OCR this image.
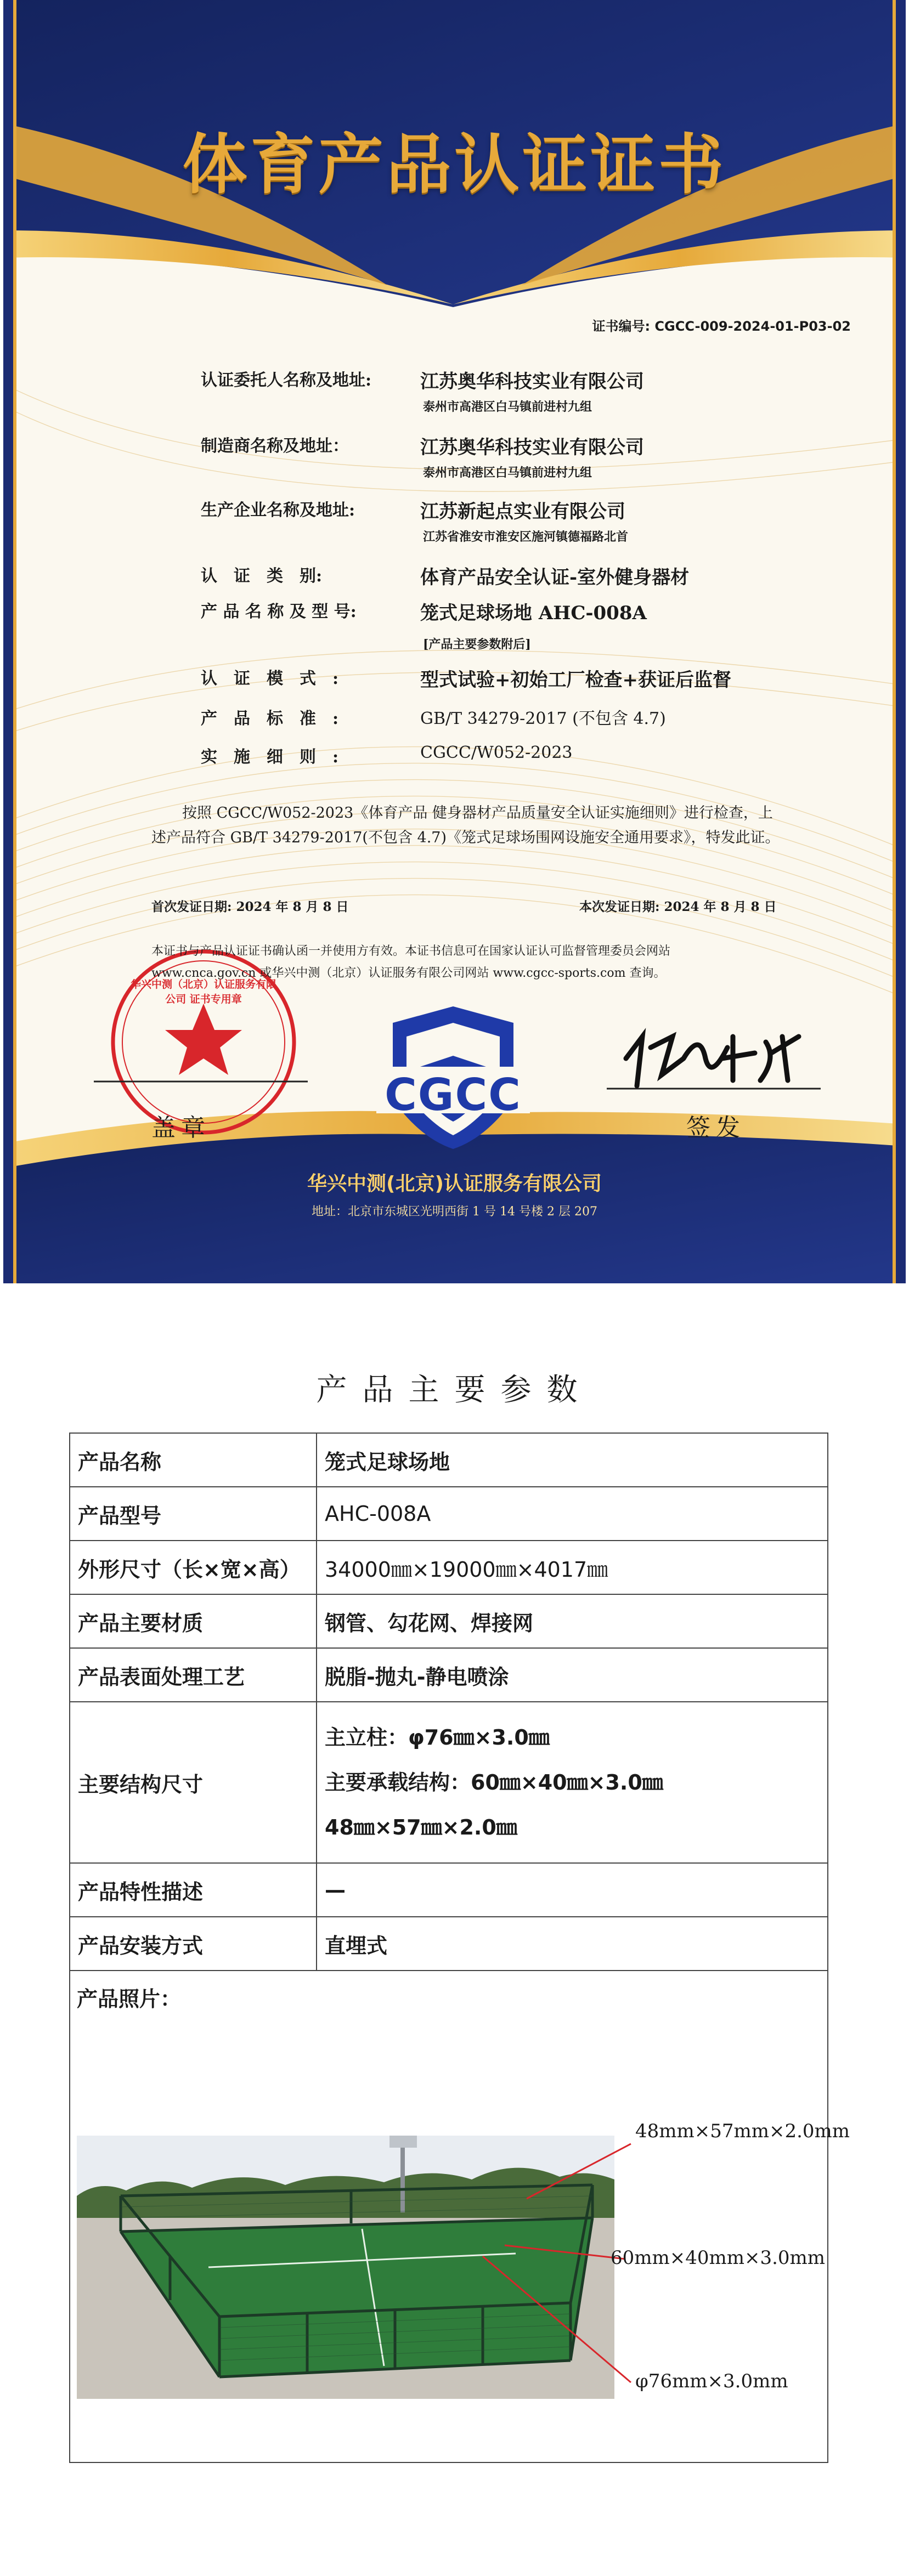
体育产品认证证书
证书编号: CGCC-009-2024-01-P03-02
认证委托人名称及地址:	江苏奥华科技实业有限公司
泰州市高港区白马镇前进村九组
制造商名称及地址：	江苏奥华科技实业有限公司
泰州市高港区白马镇前进村九组
生产企业名称及地址:	江苏新起点实业有限公司
江苏省淮安市淮安区施河镇德福路北首
认　证　类　别:	体育产品安全认证-室外健身器材
产 品 名 称 及 型 号:	笼式足球场地 AHC-008A
[产品主要参数附后]
认　证　模　式　:	型式试验+初始工厂检查+获证后监督
产　品　标　准　:	GB/T 34279-2017 (不包含 4.7)
实　施　细　则　:	CGCC/W052-2023
按照 CGCC/W052-2023《体育产品 健身器材产品质量安全认证实施细则》进行检查，上述产品符合 GB/T 34279-2017(不包含 4.7)《笼式足球场围网设施安全通用要求》，特发此证。
首次发证日期: 2024 年 8 月 8 日	本次发证日期: 2024 年 8 月 8 日
本证书与产品认证证书确认函一并使用方有效。本证书信息可在国家认证认可监督管理委员会网站 www.cnca.gov.cn 或华兴中测（北京）认证服务有限公司网站 www.cgcc-sports.com 查询。
华兴中测（北京）认证服务有限公司 证书专用章
CGCC
盖章	签发
华兴中测(北京)认证服务有限公司
地址：北京市东城区光明西街 1 号 14 号楼 2 层 207
产品主要参数
产品名称	笼式足球场地
产品型号	AHC-008A
外形尺寸（长×宽×高）	34000㎜×19000㎜×4017㎜
产品主要材质	钢管、勾花网、焊接网
产品表面处理工艺	脱脂-抛丸-静电喷涂
主要结构尺寸	主立柱：φ76㎜×3.0㎜
主要承载结构：60㎜×40㎜×3.0㎜
48㎜×57㎜×2.0㎜

产品特性描述	—
产品安装方式	直埋式

产品照片：
48mm×57mm×2.0mm
60mm×40mm×3.0mm
φ76mm×3.0mm	
